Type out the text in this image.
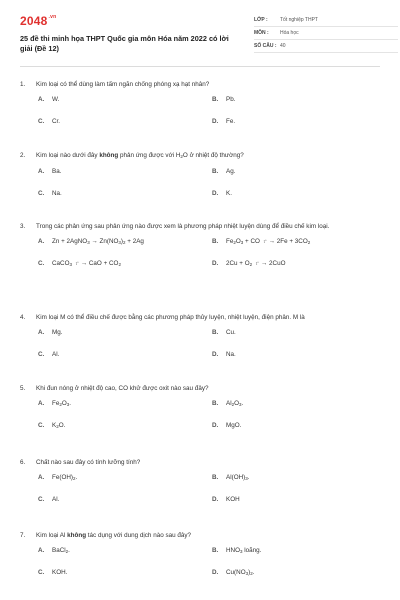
$2048^{.vn}$
25 đề thi minh họa THPT Quốc gia môn Hóa năm 2022 có lời giải (Đề 12)
LỚP :	Tốt nghiệp THPT
MÔN :	Hóa học
SỐ CÂU : 40
1.	Kim loại có thể dùng làm tấm ngăn chống phóng xạ hạt nhân?
A.	W.	B.	Pb.
C.	Cr.	D.	Fe.
2.	Kim loại nào dưới đây không phản ứng được với $H_2O$ ở nhiệt độ thường?
A.	Ba.	B.	Ag.
C.	Na.	D.	K.
3.	Trong các phản ứng sau phản ứng nào được xem là phương pháp nhiệt luyện dùng để điều chế kim loại.
A.	Zn + 2AgNO$_3$ → $Zn(NO_3)_2 + 2Ag$	B.	$Fe_2O_3$ + CO $t^\circ \to 2Fe + 3CO_2$
C.	CaCO$_3$ t° → CaO + $CO_2$	D.	$2Cu + O_2$ t° → 2CuO
4.	Kim loại M có thể điều chế được bằng các phương pháp thủy luyện, nhiệt luyện, điện phân. M là
A.	Mg.	B.	Cu.
C.	Al.	D.	Na.
5.	Khi đun nóng ở nhiệt độ cao, CO khử được oxit nào sau đây?
A.	$Fe_2O_3$.	B.	$Al_2O_3$.
C.	$K_2O$.	D.	MgO.
6.	Chất nào sau đây có tính lưỡng tính?
A.	$Fe(OH)_2$.	B.	$Al(OH)_3$.
C.	Al.	D.	KOH
7.	Kim loại Al không tác dụng với dung dịch nào sau đây?
A.	BaCl$_2$.	B.	$HNO_3$ loãng.
C.	KOH.	D.	$Cu(NO_3)_2$.
